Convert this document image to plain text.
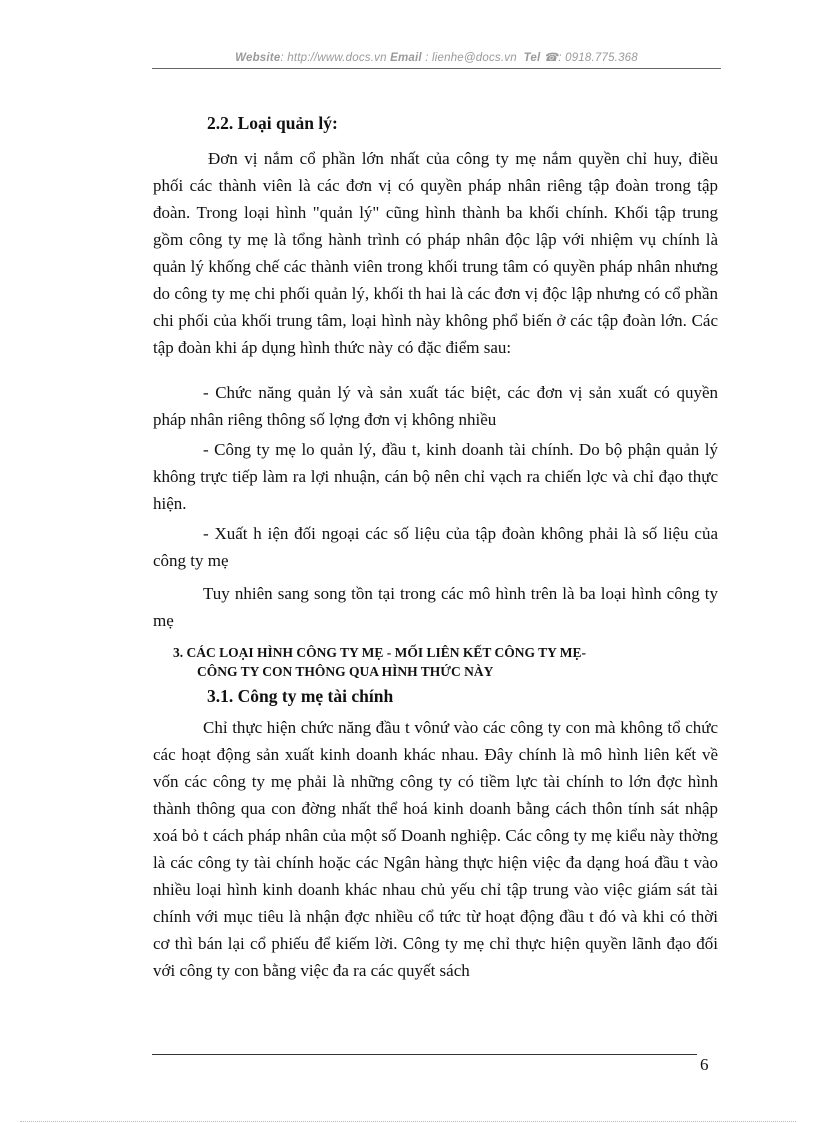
Website: http://www.docs.vn Email : lienhe@docs.vn Tel ☎: 0918.775.368
2.2. Loại quản lý:
Đơn vị nắm cổ phần lớn nhất của công ty mẹ nắm quyền chỉ huy, điều phối các thành viên là các đơn vị có quyền pháp nhân riêng tập đoàn trong tập đoàn. Trong loại hình "quản lý" cũng hình thành ba khối chính. Khối tập trung gồm công ty mẹ là tổng hành trình có pháp nhân độc lập với nhiệm vụ chính là quản lý khống chế các thành viên trong khối trung tâm có quyền pháp nhân nhưng do công ty mẹ chi phối quản lý, khối th hai là các đơn vị độc lập nhưng có cổ phần chi phối của khối trung tâm, loại hình này không phổ biến ở các tập đoàn lớn. Các tập đoàn khi áp dụng hình thức này có đặc điểm sau:
- Chức năng quản lý và sản xuất tác biệt, các đơn vị sản xuất có quyền pháp nhân riêng thông số lợng đơn vị không nhiều
- Công ty mẹ lo quản lý, đầu t, kinh doanh tài chính. Do bộ phận quản lý không trực tiếp làm ra lợi nhuận, cán bộ nên chỉ vạch ra chiến lợc và chỉ đạo thực hiện.
- Xuất h iện đối ngoại các số liệu của tập đoàn không phải là số liệu của công ty mẹ
Tuy nhiên sang song tồn tại trong các mô hình trên là ba loại hình công ty mẹ
3. CÁC LOẠI HÌNH CÔNG TY MẸ - MỐI LIÊN KẾT CÔNG TY MẸ-
CÔNG TY CON THÔNG QUA HÌNH THỨC NÀY
3.1. Công ty mẹ tài chính
Chỉ thực hiện chức năng đầu t vônứ vào các công ty con mà không tổ chức các hoạt động sản xuất kinh doanh khác nhau. Đây chính là mô hình liên kết về vốn các công ty mẹ phải là những công ty có tiềm lực tài chính to lớn đợc hình thành thông qua con đờng nhất thể hoá kinh doanh bằng cách thôn tính sát nhập xoá bỏ t cách pháp nhân của một số Doanh nghiệp. Các công ty mẹ kiểu này thờng là các công ty tài chính hoặc các Ngân hàng thực hiện việc đa dạng hoá đầu t vào nhiều loại hình kinh doanh khác nhau chủ yếu chỉ tập trung vào việc giám sát tài chính với mục tiêu là nhận đợc nhiều cổ tức từ hoạt động đầu t đó và khi có thời cơ thì bán lại cổ phiếu để kiếm lời. Công ty mẹ chỉ thực hiện quyền lãnh đạo đối với công ty con bằng việc đa ra các quyết sách
6
